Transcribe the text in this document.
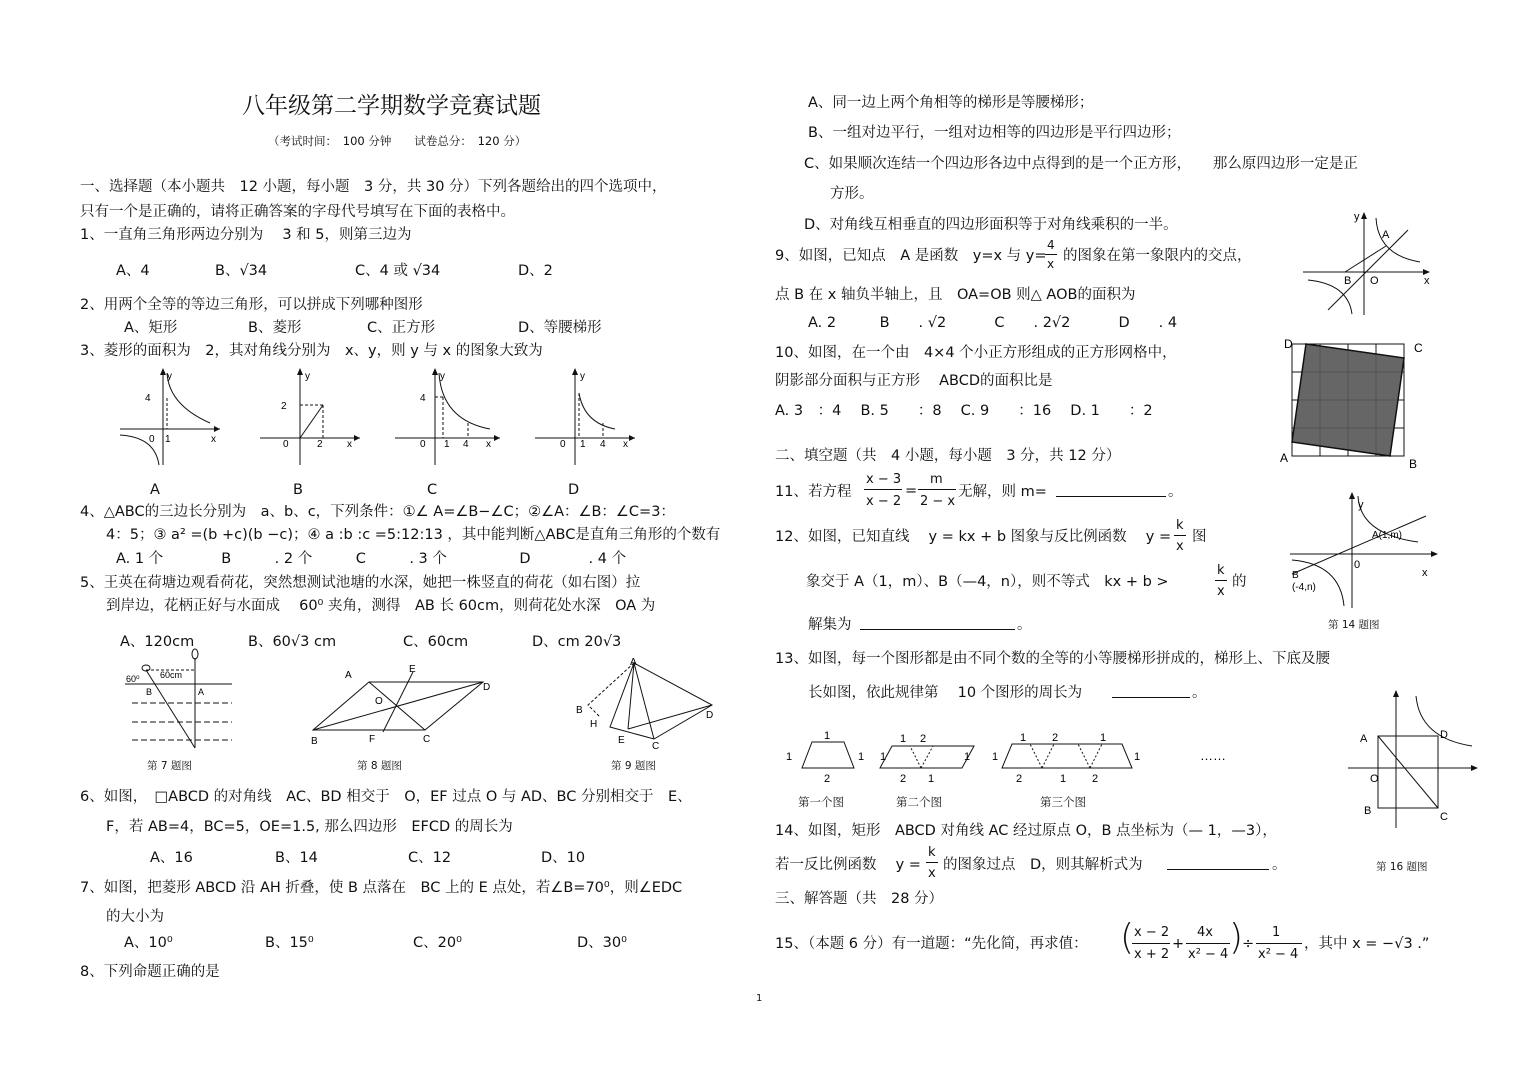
八年级第二学期数学竞赛试题
（考试时间：　100 分钟　　试卷总分：　120 分）
一、选择题（本小题共　12 小题，每小题　3 分，共 30 分）下列各题给出的四个选项中，
只有一个是正确的，请将正确答案的字母代号填写在下面的表格中。
1、一直角三角形两边分别为　 3 和 5，则第三边为
A、4	B、√34	C、4 或 √34	D、2
2、用两个全等的等边三角形，可以拼成下列哪种图形
A、矩形	B、菱形	C、正方形	D、等腰梯形
3、菱形的面积为　2，其对角线分别为　x、y，则 y 与 x 的图象大致为
4
y
0 1	x
A
2
y
0	2 x
B
4
y
0 1 4 x
C
y
0 1 4 x
D
4、△ABC的三边长分别为　a、b、c，下列条件：①∠ A=∠B−∠C；②∠A：∠B：∠C=3：
4：5；③ a² =(b +c)(b −c)；④ a :b :c =5:12:13 ，其中能判断△ABC是直角三角形的个数有
A. 1 个　　　　B　　　. 2 个　　　C　　　. 3 个　　　　　D　　　　. 4 个
5、王英在荷塘边观看荷花，突然想测试池塘的水深，她把一株竖直的荷花（如右图）拉
到岸边，花柄正好与水面成　 60⁰ 夹角，测得　AB 长 60cm，则荷花处水深　OA 为
A、120cm	B、60√3 cm	C、60cm	D、cm 20√3
60⁰ 60cm
B	A
第 7 题图
A
E
D
O
B	F	C
第 8 题图
A
B
H
D
E
C
第 9 题图
6、如图，　□ABCD 的对角线　AC、BD 相交于　O，EF 过点 O 与 AD、BC 分别相交于　E、
F，若 AB=4，BC=5，OE=1.5, 那么四边形　EFCD 的周长为
A、16	B、14	C、12	D、10
7、如图，把菱形 ABCD 沿 AH 折叠，使 B 点落在　BC 上的 E 点处，若∠B=70⁰，则∠EDC
的大小为
A、10⁰	B、15⁰	C、20⁰	D、30⁰
8、下列命题正确的是
1
A、同一边上两个角相等的梯形是等腰梯形；
B、一组对边平行，一组对边相等的四边形是平行四边形；
C、如果顺次连结一个四边形各边中点得到的是一个正方形，　　那么原四边形一定是正
方形。
D、对角线互相垂直的四边形面积等于对角线乘积的一半。
9、如图，已知点　A 是函数　y=x 与 y=
4
x 的图象在第一象限内的交点，
点 B 在 x 轴负半轴上，且　OA=OB 则△ AOB的面积为
A. 2　　　B　　. √2　　　 C　　. 2√2　　　 D　　. 4
y
A
B O	x
10、如图，在一个由　4×4 个小正方形组成的正方形网格中，
阴影部分面积与正方形　 ABCD的面积比是
A. 3　：4　 B. 5　　：8　 C. 9　　：16　 D. 1　　：2
D	C
A	B
二、填空题（共　4 小题，每小题　3 分，共 12 分）
11、若方程
x − 3
x − 2
=
m
2 − x
无解，则 m=	。
12、如图，已知直线　 y = kx + b 图象与反比例函数　 y =
k
x
图
象交于 A（1，m）、B（—4，n），则不等式　kx + b >
k
x
的
解集为	。
y
A(1,m)
0
x
B
(-4,n)
第 14 题图
13、如图，每一个图形都是由不同个数的全等的小等腰梯形拼成的，梯形上、下底及腰
长如图，依此规律第　 10 个图形的周长为	。
1
1	1
2
2
1
2 1
1
1
1 2	1
2	1 2
1	1	……
第一个图	第二个图	第三个图
A	D
O
B	C
第 16 题图
14、如图，矩形　ABCD 对角线 AC 经过原点 O，B 点坐标为（— 1，—3），
若一反比例函数　 y =
k
x
的图象过点　D，则其解析式为	。
三、解答题（共　28 分）
15、（本题 6 分）有一道题：“先化简，再求值： ( x − 2
x + 2
+
4x
x² − 4 )
÷
1
x² − 4
，其中 x = −√3 .”
